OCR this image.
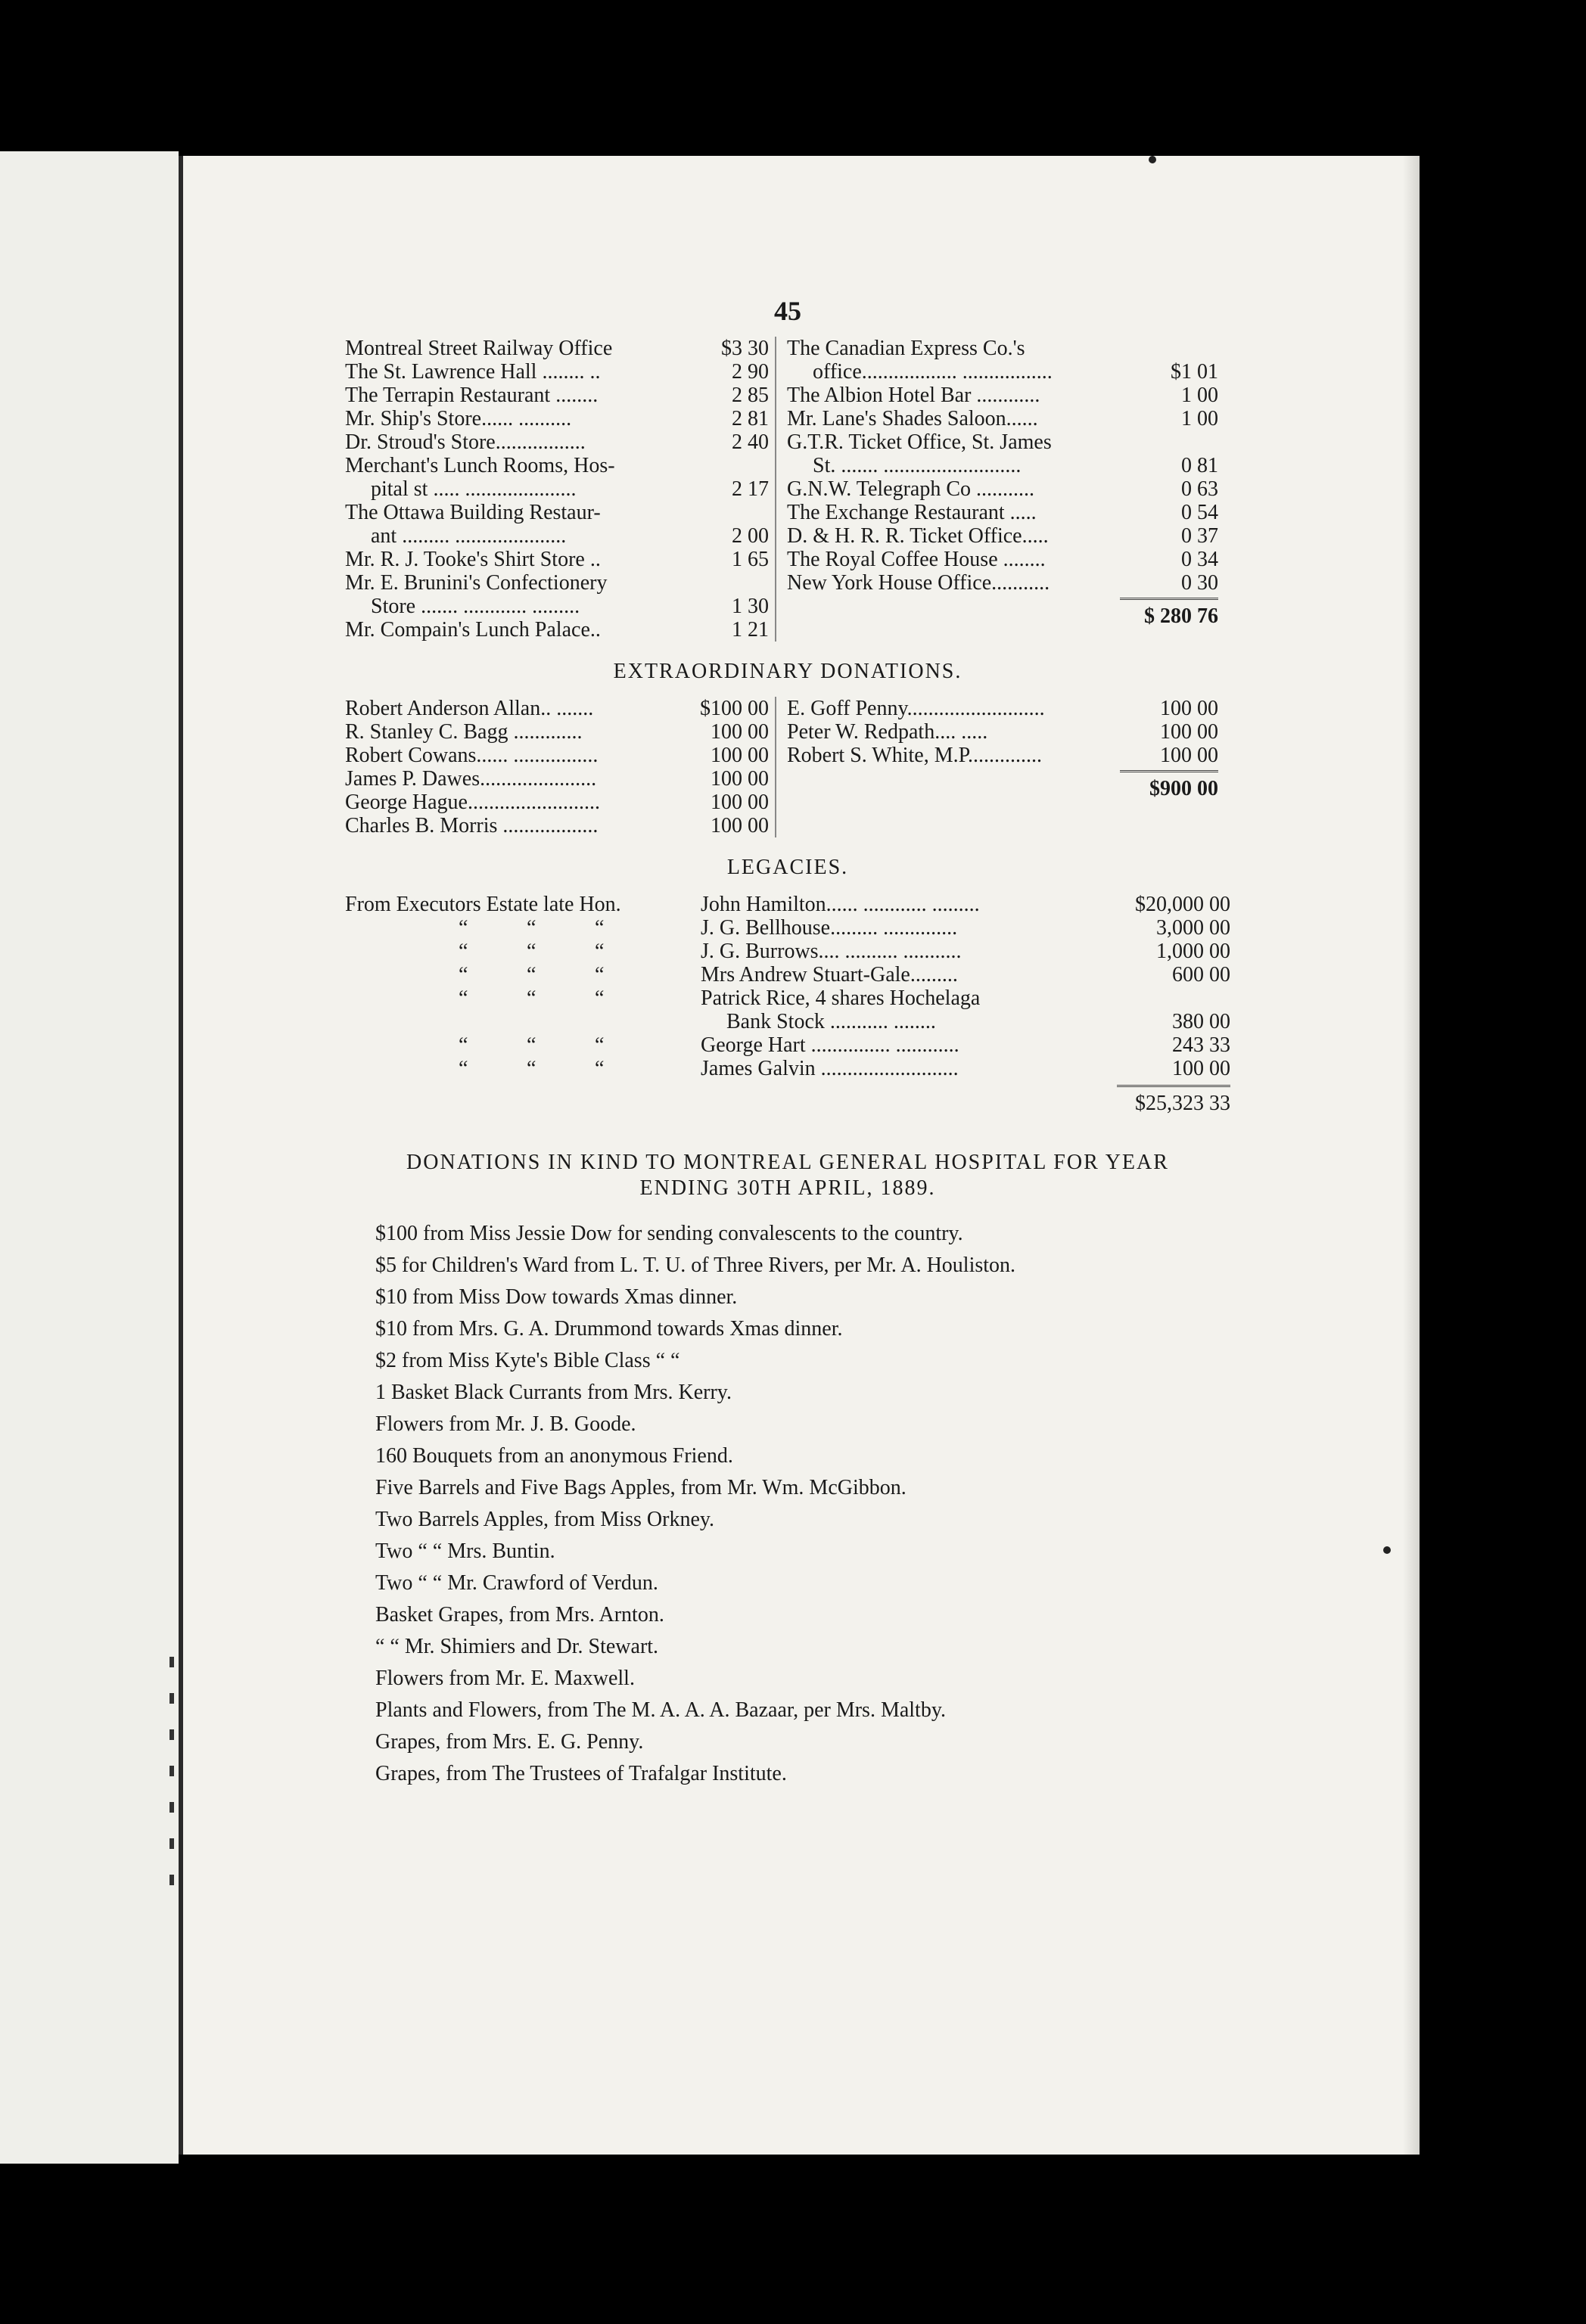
45
Montreal Street Railway Office	$3 30
The St. Lawrence Hall ........ ..	2 90
The Terrapin Restaurant ........	2 85
Mr. Ship's Store...... ..........	2 81
Dr. Stroud's Store.................	2 40
Merchant's Lunch Rooms, Hos-
pital st ..... .....................	2 17
The Ottawa Building Restaur-
ant ......... .....................	2 00
Mr. R. J. Tooke's Shirt Store ..	1 65
Mr. E. Brunini's Confectionery
Store ....... ............ .........	1 30
Mr. Compain's Lunch Palace..	1 21
The Canadian Express Co.'s
office.................. .................	$1 01
The Albion Hotel Bar ............	1 00
Mr. Lane's Shades Saloon......	1 00
G.T.R. Ticket Office, St. James
St. ....... ..........................	0 81
G.N.W. Telegraph Co ...........	0 63
The Exchange Restaurant .....	0 54
D. & H. R. R. Ticket Office.....	0 37
The Royal Coffee House ........	0 34
New York House Office...........	0 30
$ 280 76
EXTRAORDINARY DONATIONS.
Robert Anderson Allan.. .......	$100 00
R. Stanley C. Bagg .............	100 00
Robert Cowans...... ................	100 00
James P. Dawes......................	100 00
George Hague.........................	100 00
Charles B. Morris ..................	100 00
E. Goff Penny..........................	100 00
Peter W. Redpath.... .....	100 00
Robert S. White, M.P..............	100 00
$900 00
LEGACIES.
From Executors Estate late Hon.	John Hamilton...... ............ .........	$20,000 00
“	“	“	J. G. Bellhouse......... ..............	3,000 00
“	“	“	J. G. Burrows.... .......... ...........	1,000 00
“	“	“	Mrs Andrew Stuart-Gale.........	600 00
“	“	“	Patrick Rice, 4 shares Hochelaga
Bank Stock ........... ........	380 00
“	“	“	George Hart ............... ............	243 33
“	“	“	James Galvin ..........................	100 00
$25,323 33
DONATIONS IN KIND TO MONTREAL GENERAL HOSPITAL FOR YEAR
ENDING 30TH APRIL, 1889.
$100 from Miss Jessie Dow for sending convalescents to the country.
$5 for Children's Ward from L. T. U. of Three Rivers, per Mr. A. Houliston.
$10 from Miss Dow towards Xmas dinner.
$10 from Mrs. G. A. Drummond towards Xmas dinner.
$2 from Miss Kyte's Bible Class “ “
1 Basket Black Currants from Mrs. Kerry.
Flowers from Mr. J. B. Goode.
160 Bouquets from an anonymous Friend.
Five Barrels and Five Bags Apples, from Mr. Wm. McGibbon.
Two Barrels Apples, from Miss Orkney.
Two “ “ Mrs. Buntin.
Two “ “ Mr. Crawford of Verdun.
Basket Grapes, from Mrs. Arnton.
“ “ Mr. Shimiers and Dr. Stewart.
Flowers from Mr. E. Maxwell.
Plants and Flowers, from The M. A. A. A. Bazaar, per Mrs. Maltby.
Grapes, from Mrs. E. G. Penny.
Grapes, from The Trustees of Trafalgar Institute.
